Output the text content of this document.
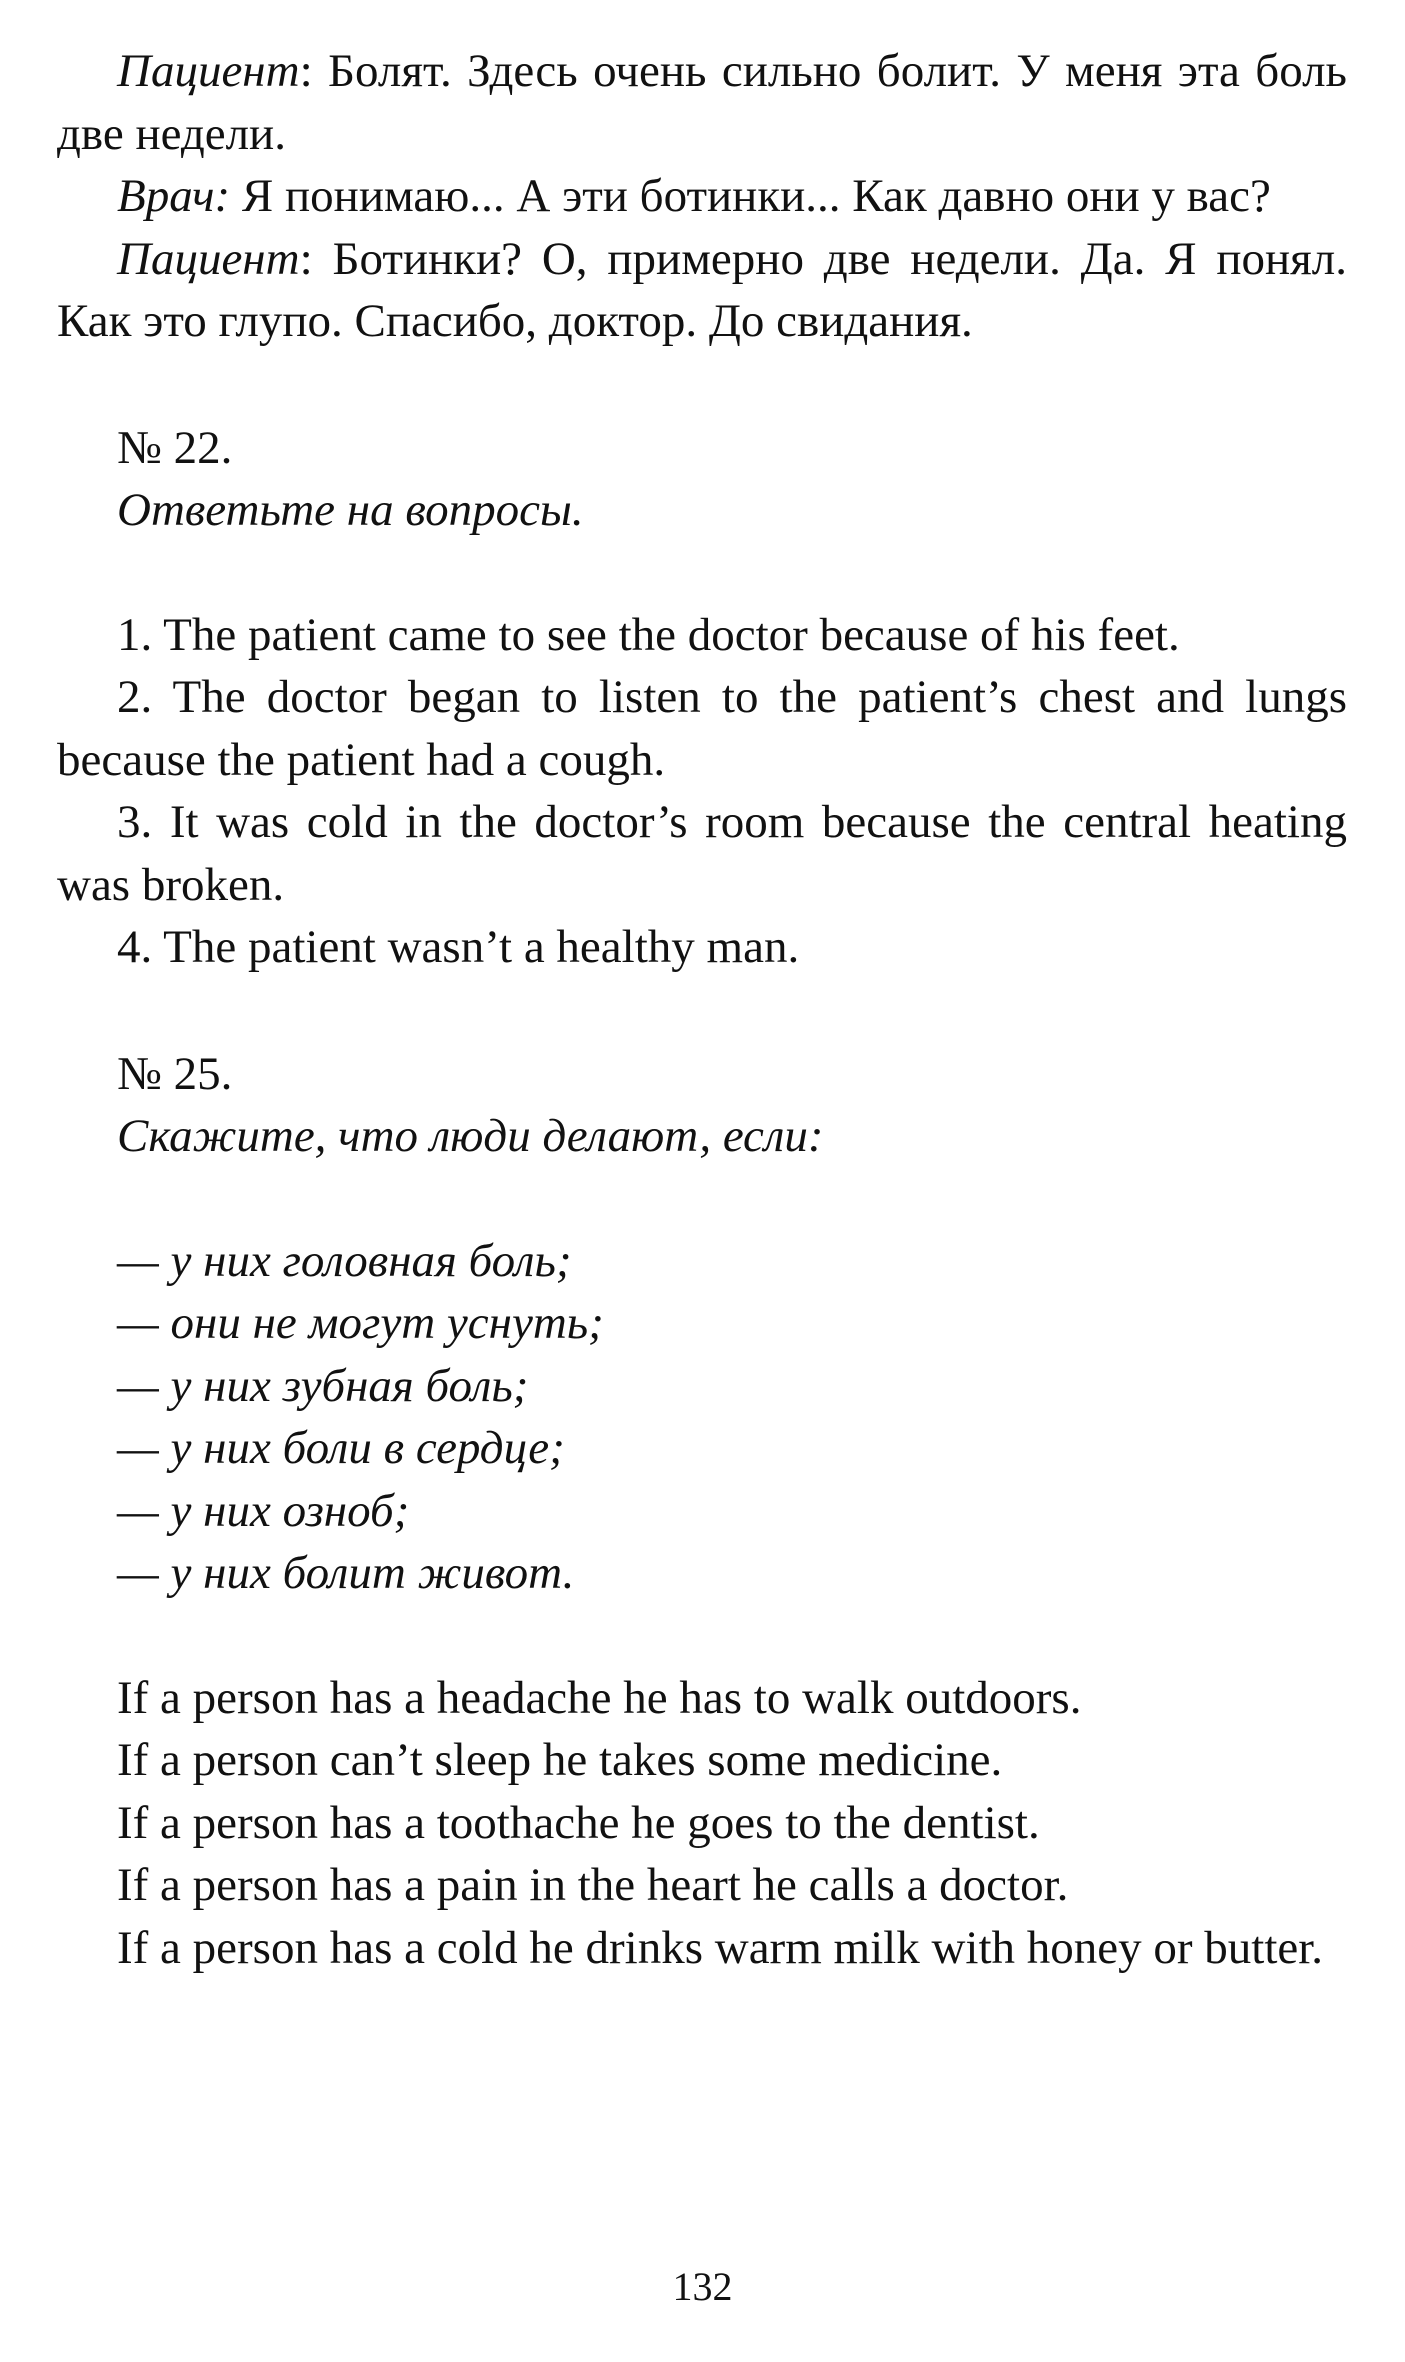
Пациент: Болят. Здесь очень сильно болит. У меня эта боль две недели.

Врач: Я понимаю... А эти ботинки... Как давно они у вас?

Пациент: Ботинки? О, примерно две недели. Да. Я понял. Как это глупо. Спасибо, доктор. До свидания.

№ 22.

Ответьте на вопросы.

1. The patient came to see the doctor because of his feet.

2. The doctor began to listen to the patient’s chest and lungs because the patient had a cough.

3. It was cold in the doctor’s room because the central heating was broken.

4. The patient wasn’t a healthy man.

№ 25.

Скажите, что люди делают, если:

— у них головная боль;
— они не могут уснуть;
— у них зубная боль;
— у них боли в сердце;
— у них озноб;
— у них болит живот.

If a person has a headache he has to walk outdoors.

If a person can’t sleep he takes some medicine.

If a person has a toothache he goes to the dentist.

If a person has a pain in the heart he calls a doctor.

If a person has a cold he drinks warm milk with honey or butter.

132
